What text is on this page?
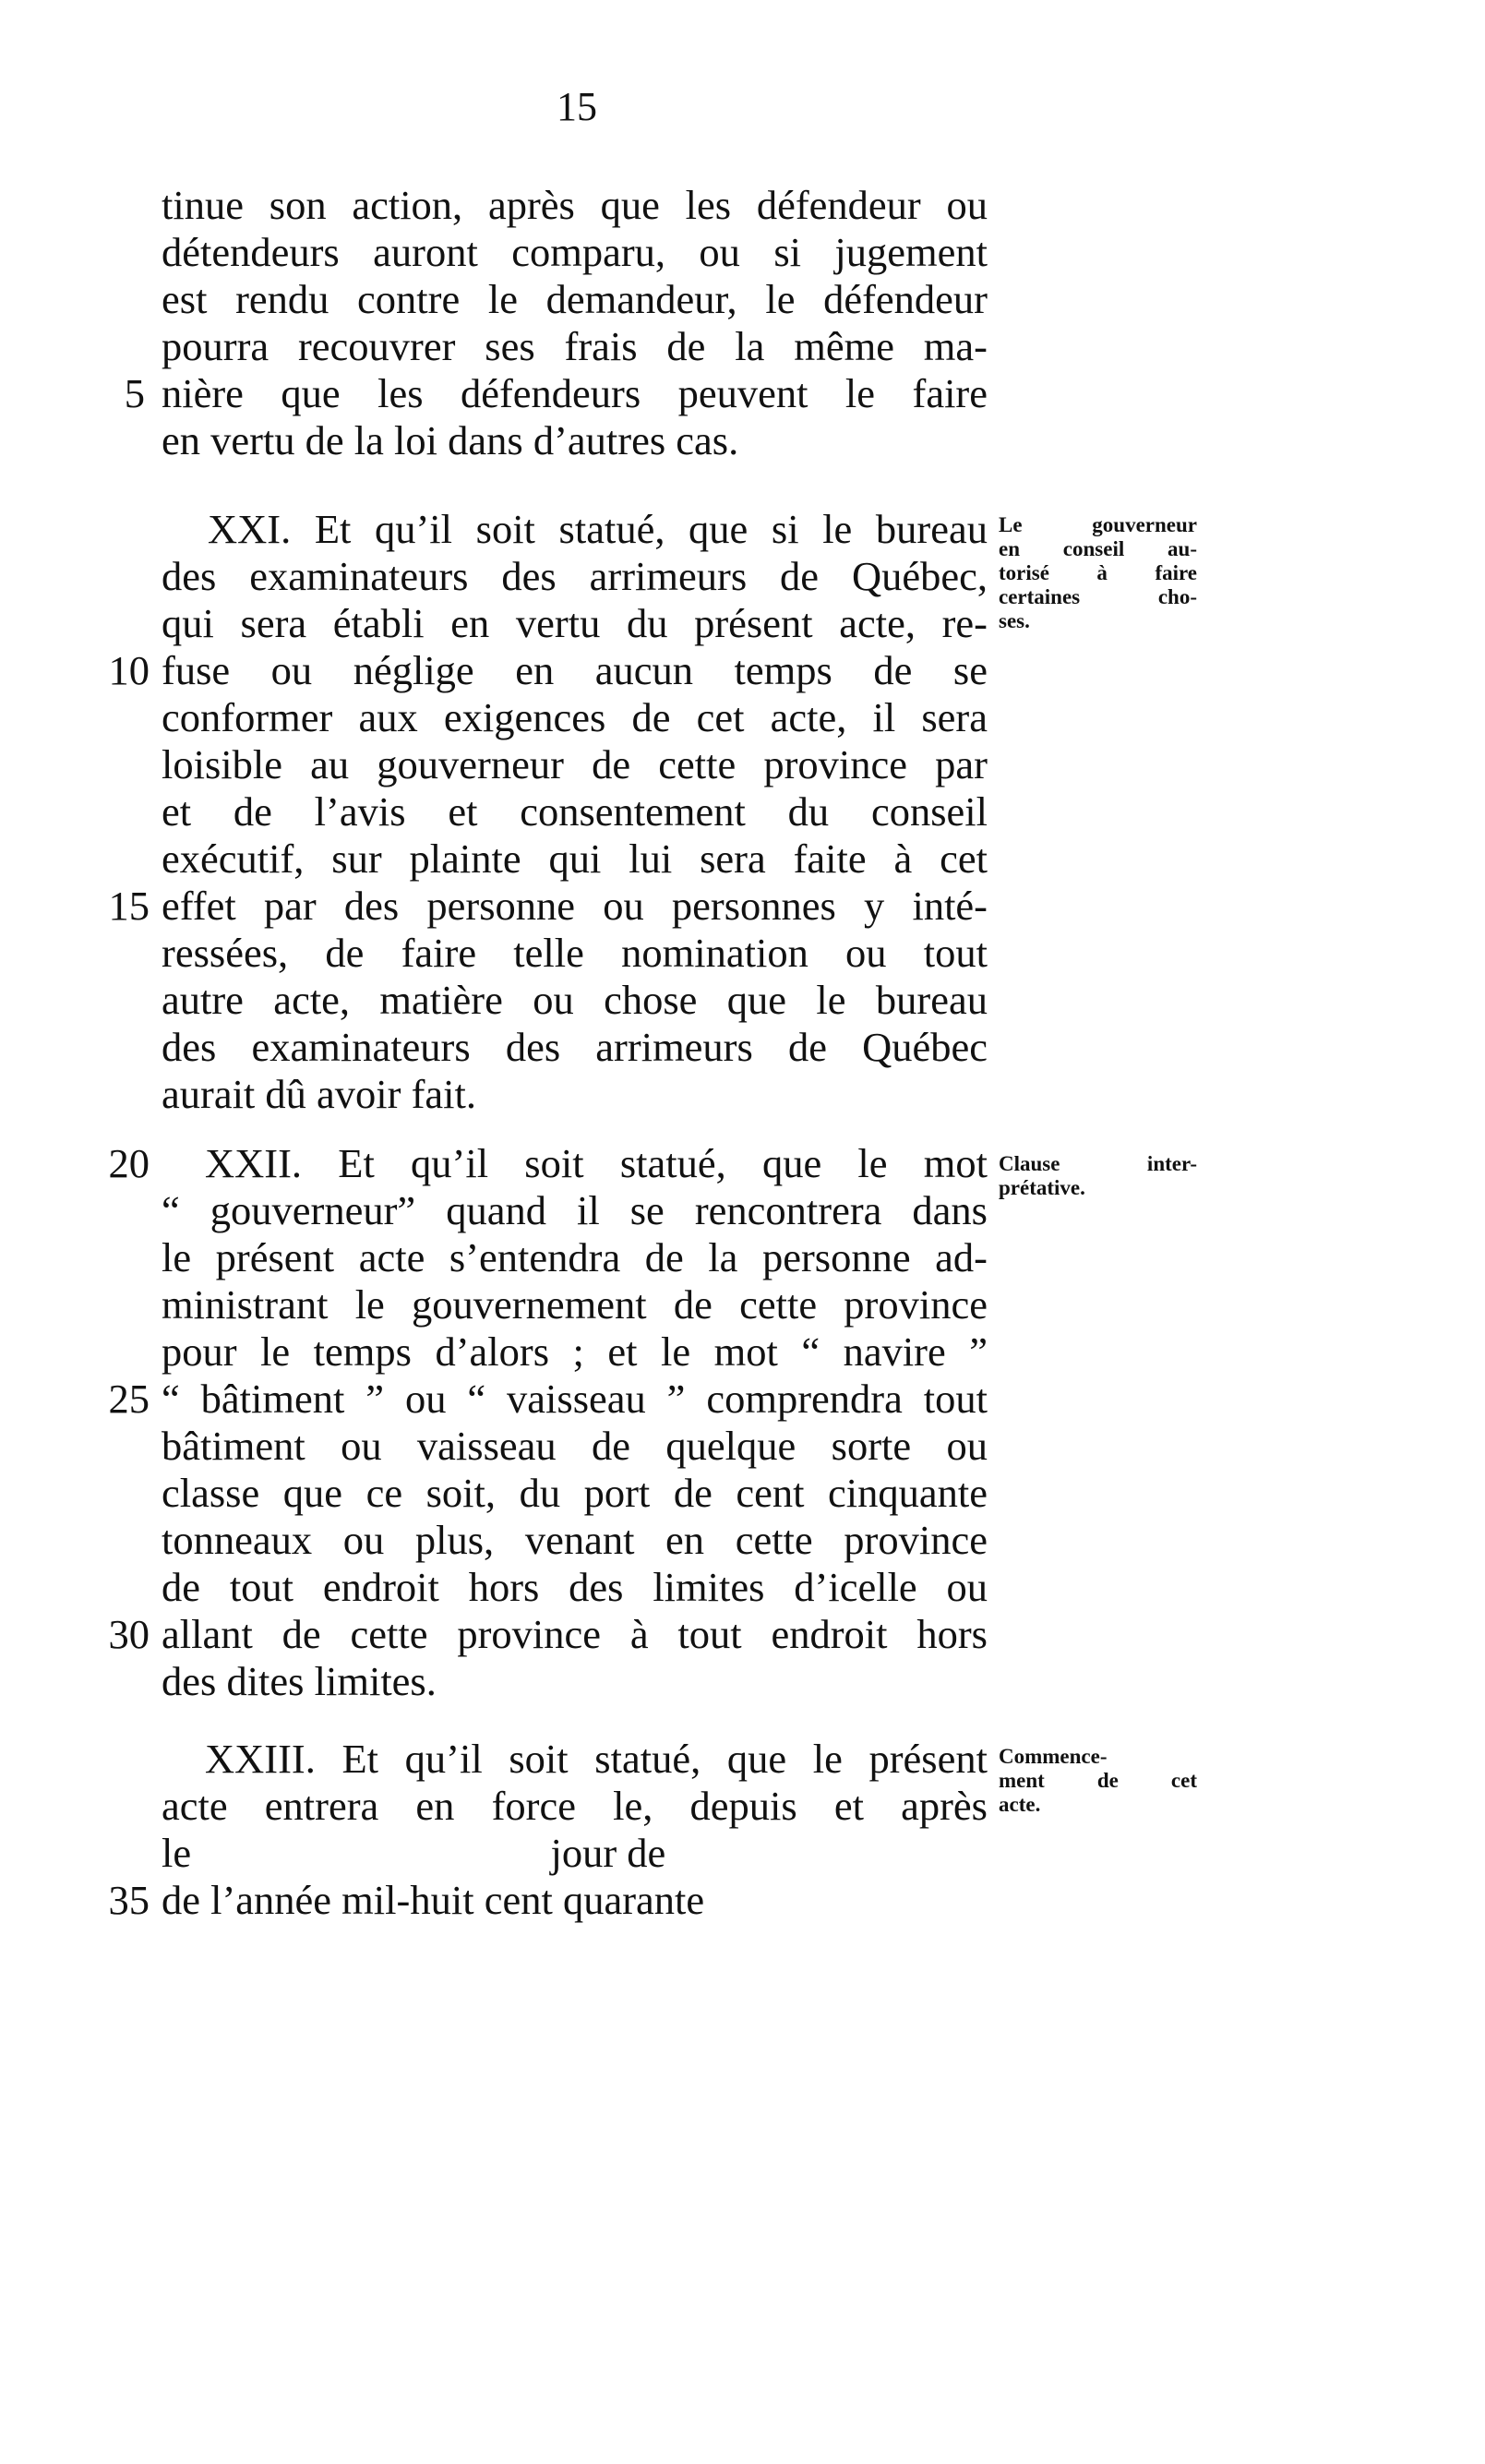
15
tinue son action, après que les défendeur ou
détendeurs auront comparu, ou si jugement
est rendu contre le demandeur, le défendeur
pourra recouvrer ses frais de la même ma-
5 nière que les défendeurs peuvent le faire
en vertu de la loi dans d’autres cas.
XXI. Et qu’il soit statué, que si le bureau
des examinateurs des arrimeurs de Québec,
qui sera établi en vertu du présent acte, re-
10 fuse ou néglige en aucun temps de se
conformer aux exigences de cet acte, il sera
loisible au gouverneur de cette province par
et de l’avis et consentement du conseil
exécutif, sur plainte qui lui sera faite à cet
15 effet par des personne ou personnes y inté-
ressées, de faire telle nomination ou tout
autre acte, matière ou chose que le bureau
des examinateurs des arrimeurs de Québec
aurait dû avoir fait.
20 XXII. Et qu’il soit statué, que le mot
“ gouverneur” quand il se rencontrera dans
le présent acte s’entendra de la personne ad-
ministrant le gouvernement de cette province
pour le temps d’alors ; et le mot “ navire ”
25 “ bâtiment ” ou “ vaisseau ” comprendra tout
bâtiment ou vaisseau de quelque sorte ou
classe que ce soit, du port de cent cinquante
tonneaux ou plus, venant en cette province
de tout endroit hors des limites d’icelle ou
30 allant de cette province à tout endroit hors
des dites limites.
XXIII. Et qu’il soit statué, que le présent
acte entrera en force le, depuis et après
le                                   jour de
35 de l’année mil-huit cent quarante
Le gouverneur
en conseil au-
torisé à faire
certaines cho-
ses.
Clause inter-
prétative.
Commence-
ment de cet
acte.
